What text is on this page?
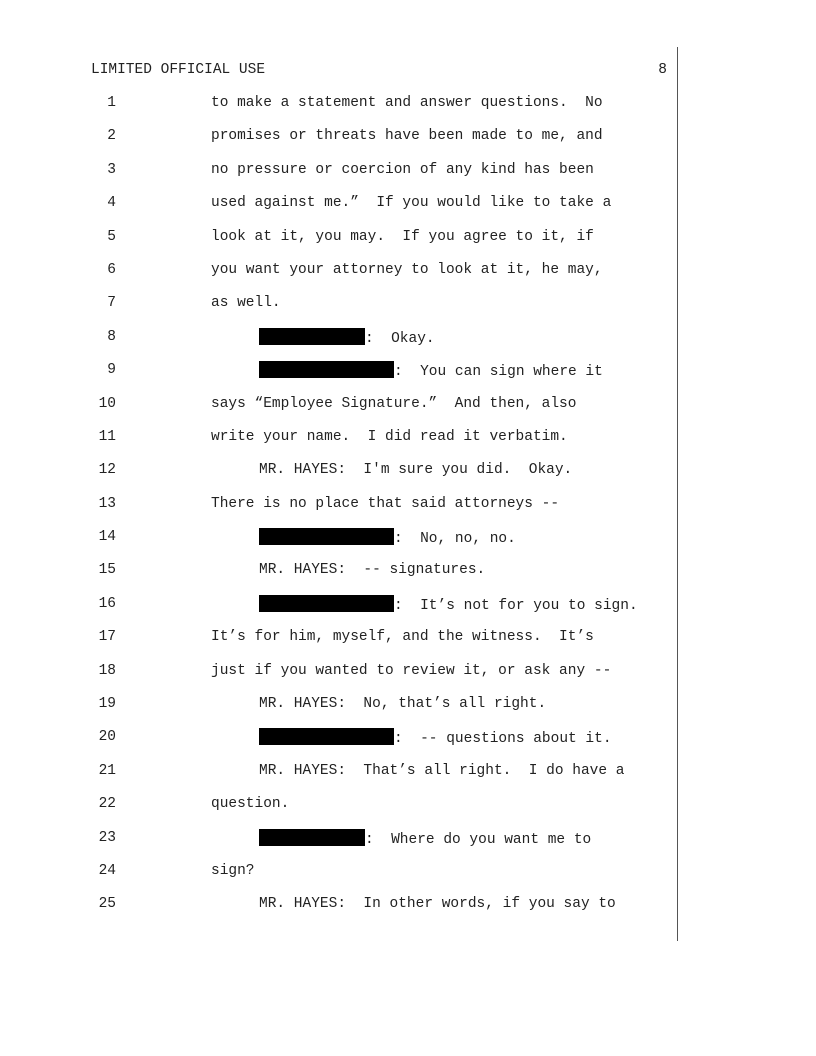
LIMITED OFFICIAL USE	8
1	to make a statement and answer questions.  No
2	promises or threats have been made to me, and
3	no pressure or coercion of any kind has been
4	used against me.”  If you would like to take a
5	look at it, you may.  If you agree to it, if
6	you want your attorney to look at it, he may,
7	as well.
8	:  Okay.
9	:  You can sign where it
10	says “Employee Signature.”  And then, also
11	write your name.  I did read it verbatim.
12	MR. HAYES:  I'm sure you did.  Okay.
13	There is no place that said attorneys --
14	:  No, no, no.
15	MR. HAYES:  -- signatures.
16	:  It’s not for you to sign.
17	It’s for him, myself, and the witness.  It’s
18	just if you wanted to review it, or ask any --
19	MR. HAYES:  No, that’s all right.
20	:  -- questions about it.
21	MR. HAYES:  That’s all right.  I do have a
22	question.
23	:  Where do you want me to
24	sign?
25	MR. HAYES:  In other words, if you say to
